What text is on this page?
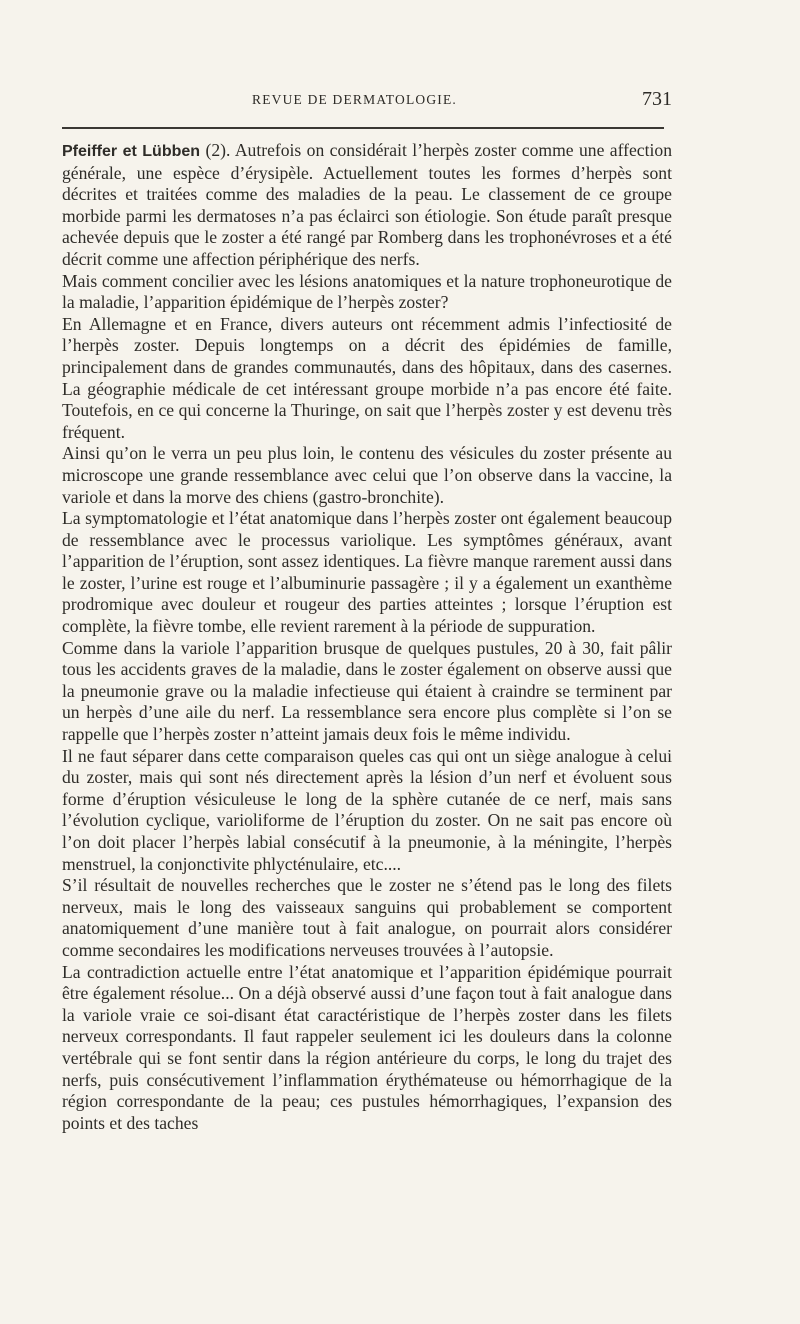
REVUE DE DERMATOLOGIE.	731

Pfeiffer et Lübben (2). Autrefois on considérait l’herpès zoster comme une affection générale, une espèce d’érysipèle. Actuellement toutes les formes d’herpès sont décrites et traitées comme des maladies de la peau. Le classement de ce groupe morbide parmi les dermatoses n’a pas éclairci son étiologie. Son étude paraît presque achevée depuis que le zoster a été rangé par Romberg dans les trophonévroses et a été décrit comme une affection périphérique des nerfs.

Mais comment concilier avec les lésions anatomiques et la nature trophoneurotique de la maladie, l’apparition épidémique de l’herpès zoster?

En Allemagne et en France, divers auteurs ont récemment admis l’infectiosité de l’herpès zoster. Depuis longtemps on a décrit des épidémies de famille, principalement dans de grandes communautés, dans des hôpitaux, dans des casernes. La géographie médicale de cet intéressant groupe morbide n’a pas encore été faite. Toutefois, en ce qui concerne la Thuringe, on sait que l’herpès zoster y est devenu très fréquent.

Ainsi qu’on le verra un peu plus loin, le contenu des vésicules du zoster présente au microscope une grande ressemblance avec celui que l’on observe dans la vaccine, la variole et dans la morve des chiens (gastro-bronchite).

La symptomatologie et l’état anatomique dans l’herpès zoster ont également beaucoup de ressemblance avec le processus variolique. Les symptômes généraux, avant l’apparition de l’éruption, sont assez identiques. La fièvre manque rarement aussi dans le zoster, l’urine est rouge et l’albuminurie passagère ; il y a également un exanthème prodromique avec douleur et rougeur des parties atteintes ; lorsque l’éruption est complète, la fièvre tombe, elle revient rarement à la période de suppuration.

Comme dans la variole l’apparition brusque de quelques pustules, 20 à 30, fait pâlir tous les accidents graves de la maladie, dans le zoster également on observe aussi que la pneumonie grave ou la maladie infectieuse qui étaient à craindre se terminent par un herpès d’une aile du nerf. La ressemblance sera encore plus complète si l’on se rappelle que l’herpès zoster n’atteint jamais deux fois le même individu.

Il ne faut séparer dans cette comparaison queles cas qui ont un siège analogue à celui du zoster, mais qui sont nés directement après la lésion d’un nerf et évoluent sous forme d’éruption vésiculeuse le long de la sphère cutanée de ce nerf, mais sans l’évolution cyclique, varioliforme de l’éruption du zoster. On ne sait pas encore où l’on doit placer l’herpès labial consécutif à la pneumonie, à la méningite, l’herpès menstruel, la conjonctivite phlycténulaire, etc....

S’il résultait de nouvelles recherches que le zoster ne s’étend pas le long des filets nerveux, mais le long des vaisseaux sanguins qui probablement se comportent anatomiquement d’une manière tout à fait analogue, on pourrait alors considérer comme secondaires les modifications nerveuses trouvées à l’autopsie.

La contradiction actuelle entre l’état anatomique et l’apparition épidémique pourrait être également résolue... On a déjà observé aussi d’une façon tout à fait analogue dans la variole vraie ce soi-disant état caractéristique de l’herpès zoster dans les filets nerveux correspondants. Il faut rappeler seulement ici les douleurs dans la colonne vertébrale qui se font sentir dans la région antérieure du corps, le long du trajet des nerfs, puis consécutivement l’inflammation érythémateuse ou hémorrhagique de la région correspondante de la peau; ces pustules hémorrhagiques, l’expansion des points et des taches
